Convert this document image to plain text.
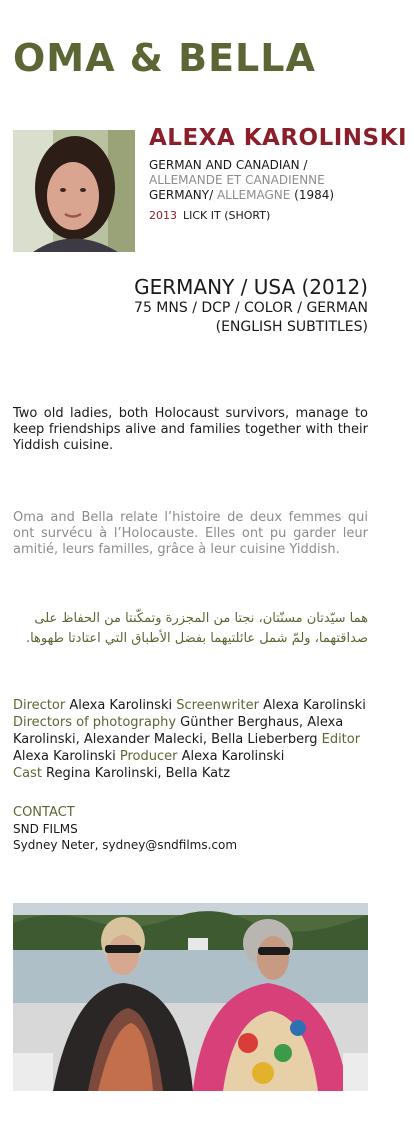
OMA & BELLA
ALEXA KAROLINSKI
GERMAN AND CANADIAN /
ALLEMANDE ET CANADIENNE
GERMANY/ ALLEMAGNE (1984)
2013 LICK IT (SHORT)
GERMANY / USA (2012)
75 MNS / DCP / COLOR / GERMAN
(ENGLISH SUBTITLES)

Two old ladies, both Holocaust survivors, manage to keep friendships alive and families together with their Yiddish cuisine.

Oma and Bella relate l’histoire de deux femmes qui ont survécu à l’Holocauste. Elles ont pu garder leur amitié, leurs familles, grâce à leur cuisine Yiddish.

هما سيّدتان مسنّتان، نجتا من المجزرة وتمكّنتا من الحفاظ على صداقتهما، ولمّ شمل عائلتيهما بفضل الأطباق التي اعتادتا طهوها.

Director Alexa Karolinski Screenwriter Alexa Karolinski
Directors of photography Günther Berghaus, Alexa Karolinski, Alexander Malecki, Bella Lieberberg Editor Alexa Karolinski Producer Alexa Karolinski
Cast Regina Karolinski, Bella Katz

CONTACT
SND FILMS
Sydney Neter, sydney@sndfilms.com
